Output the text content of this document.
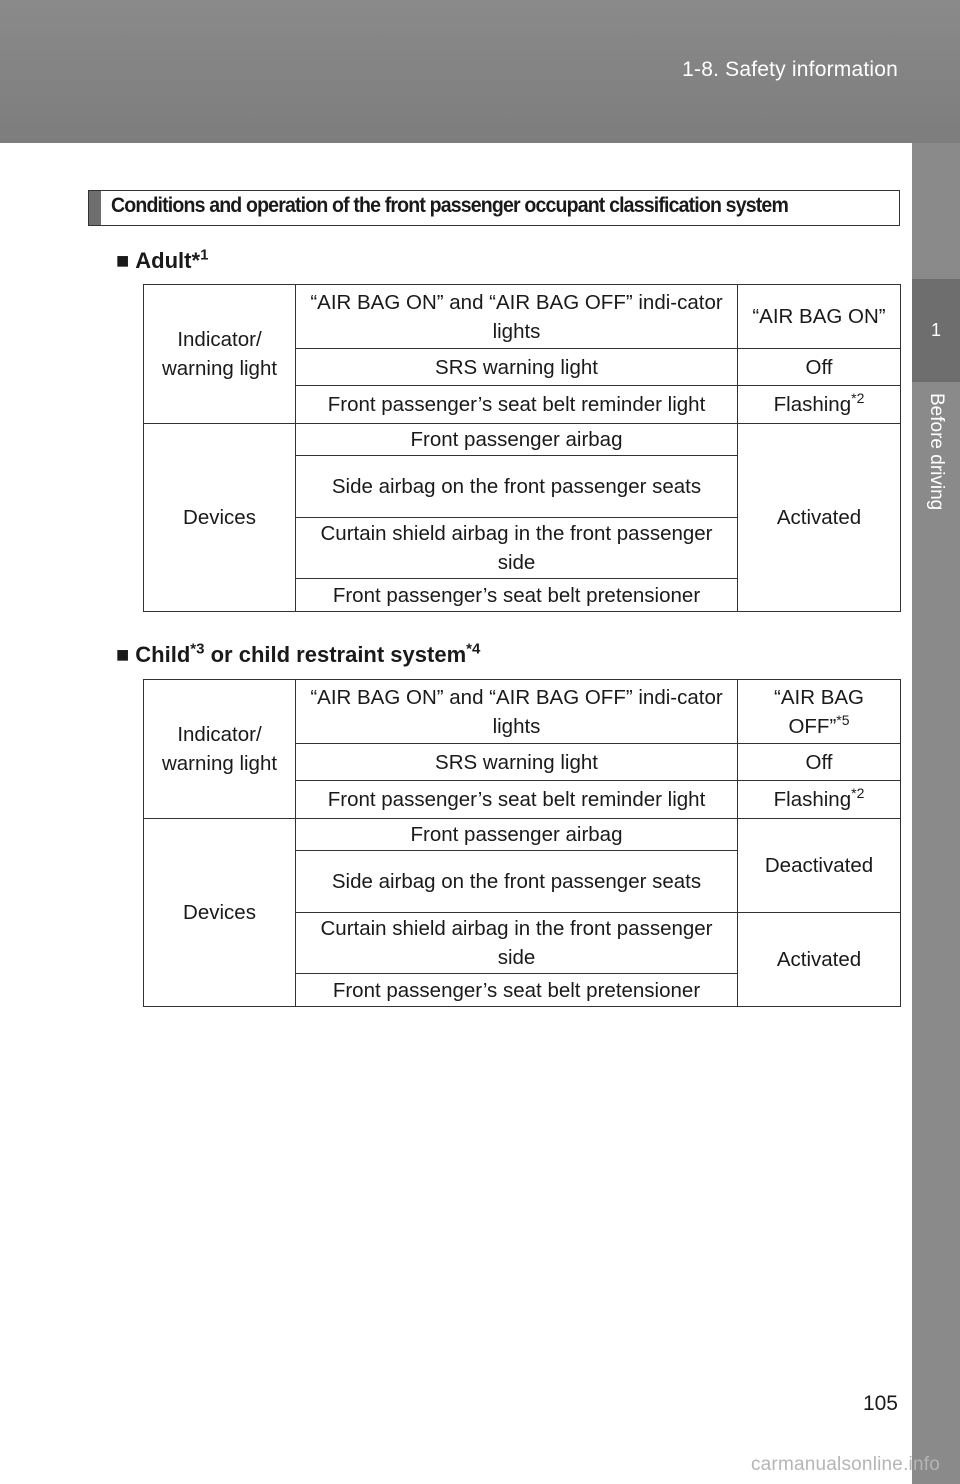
1-8. Safety information
1
Before driving
Conditions and operation of the front passenger occupant classification system
■ Adult*$^1$
Indicator/ warning light	“AIR BAG ON” and “AIR BAG OFF” indi-cator lights	“AIR BAG ON”
	SRS warning light	Off
	Front passenger’s seat belt reminder light	Flashing$^{*2}$
Devices	Front passenger airbag	Activated
	Side airbag on the front passenger seats	
	Curtain shield airbag in the front passenger side	
	Front passenger’s seat belt pretensioner	
■ Child$^{*3}$ or child restraint system$^{*4}$
Indicator/ warning light	“AIR BAG ON” and “AIR BAG OFF” indi-cator lights	“AIR BAG OFF”$^{*5}$
	SRS warning light	Off
	Front passenger’s seat belt reminder light	Flashing$^{*2}$
Devices	Front passenger airbag	Deactivated
	Side airbag on the front passenger seats	
	Curtain shield airbag in the front passenger side	Activated
	Front passenger’s seat belt pretensioner	
105
carmanualsonline.info
